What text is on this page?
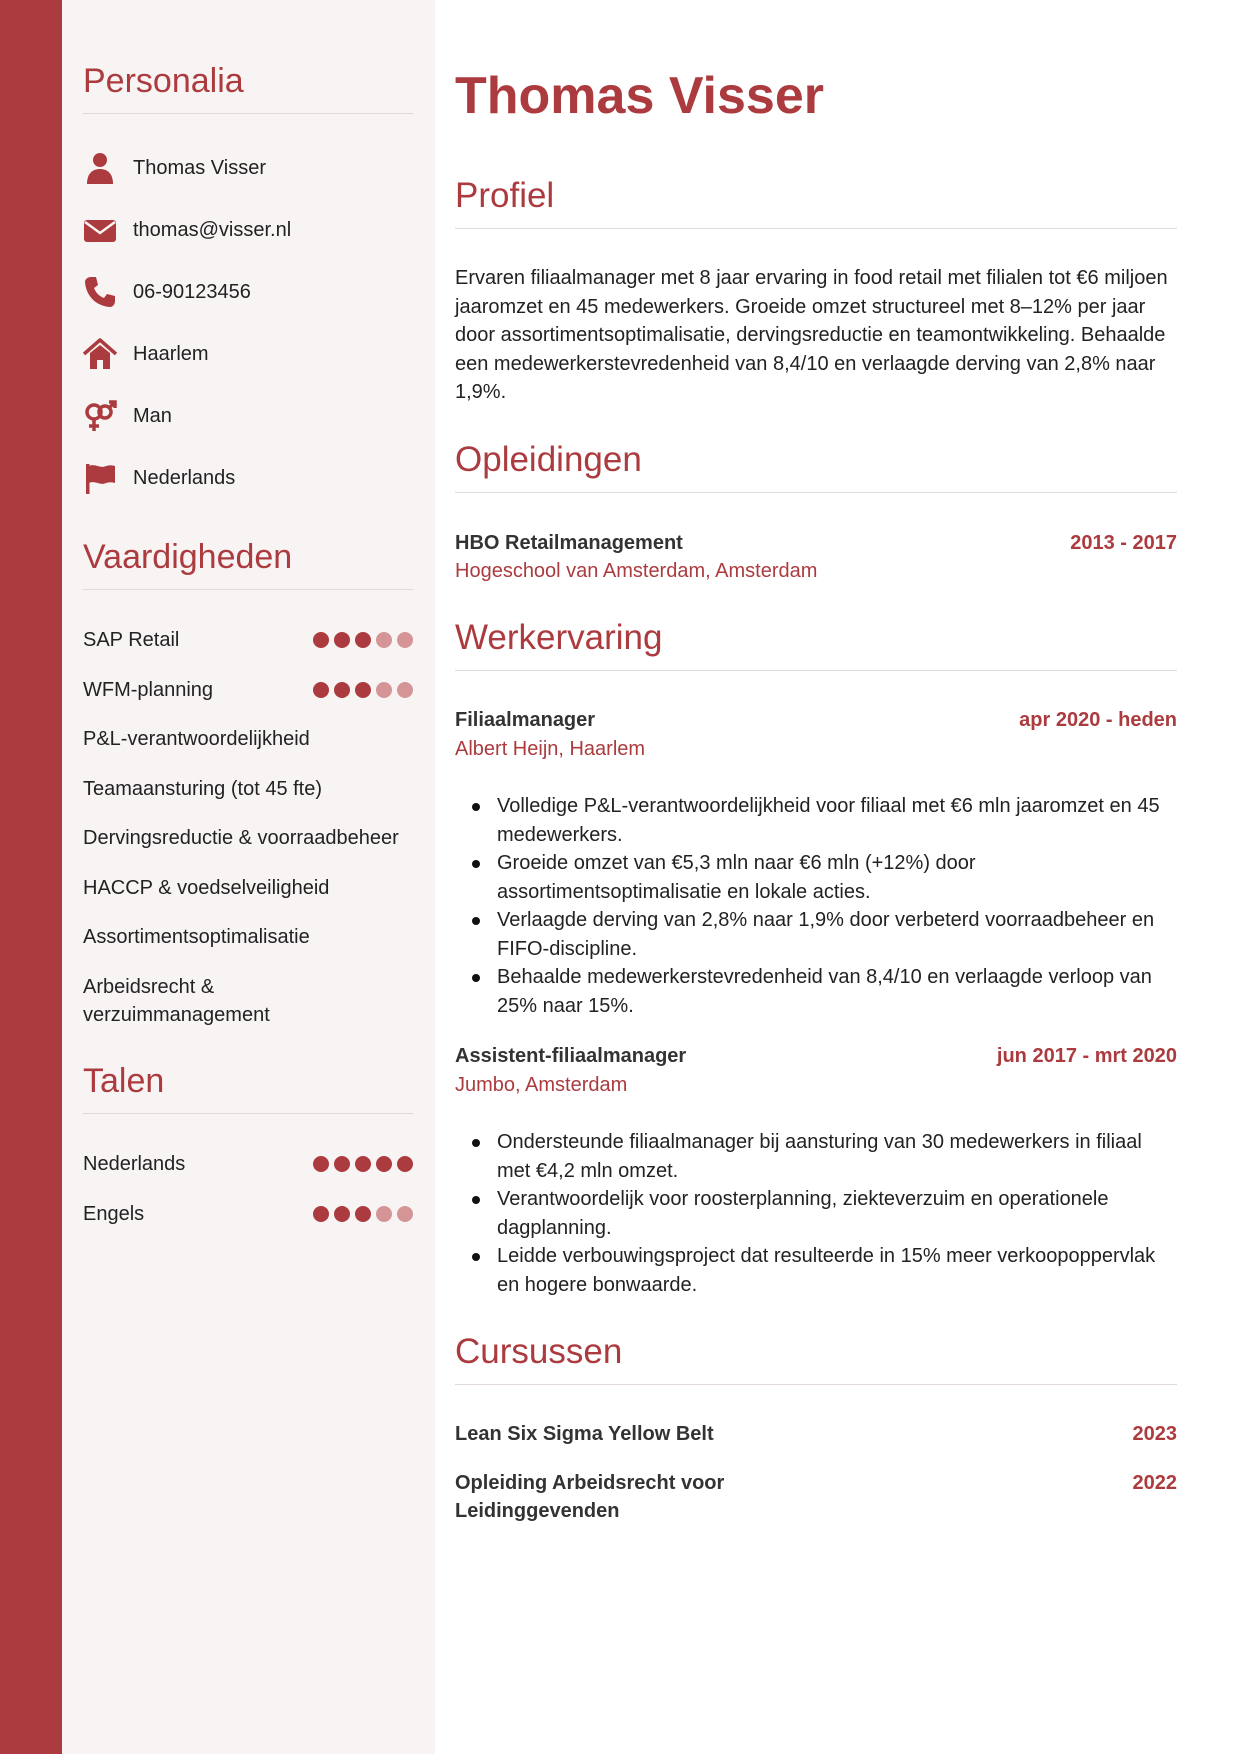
Personalia
Thomas Visser
thomas@visser.nl
06-90123456
Haarlem
Man
Nederlands
Vaardigheden
SAP Retail
WFM-planning
P&L-verantwoordelijkheid
Teamaansturing (tot 45 fte)
Dervingsreductie & voorraadbeheer
HACCP & voedselveiligheid
Assortimentsoptimalisatie
Arbeidsrecht & verzuimmanagement
Talen
Nederlands
Engels
Thomas Visser
Profiel

Ervaren filiaalmanager met 8 jaar ervaring in food retail met filialen tot €6 miljoen jaaromzet en 45 medewerkers. Groeide omzet structureel met 8–12% per jaar door assortimentsoptimalisatie, dervingsreductie en teamontwikkeling. Behaalde een medewerkerstevredenheid van 8,4/10 en verlaagde derving van 2,8% naar 1,9%.

Opleidingen
HBO Retailmanagement	2013 - 2017
Hogeschool van Amsterdam, Amsterdam
Werkervaring
Filiaalmanager	apr 2020 - heden
Albert Heijn, Haarlem
Volledige P&L-verantwoordelijkheid voor filiaal met €6 mln jaaromzet en 45 medewerkers.
Groeide omzet van €5,3 mln naar €6 mln (+12%) door assortimentsoptimalisatie en lokale acties.
Verlaagde derving van 2,8% naar 1,9% door verbeterd voorraadbeheer en FIFO-discipline.
Behaalde medewerkerstevredenheid van 8,4/10 en verlaagde verloop van 25% naar 15%.
Assistent-filiaalmanager	jun 2017 - mrt 2020
Jumbo, Amsterdam
Ondersteunde filiaalmanager bij aansturing van 30 medewerkers in filiaal met €4,2 mln omzet.
Verantwoordelijk voor roosterplanning, ziekteverzuim en operationele dagplanning.
Leidde verbouwingsproject dat resulteerde in 15% meer verkoopoppervlak en hogere bonwaarde.
Cursussen
Lean Six Sigma Yellow Belt	2023
Opleiding Arbeidsrecht voor Leidinggevenden
2022
